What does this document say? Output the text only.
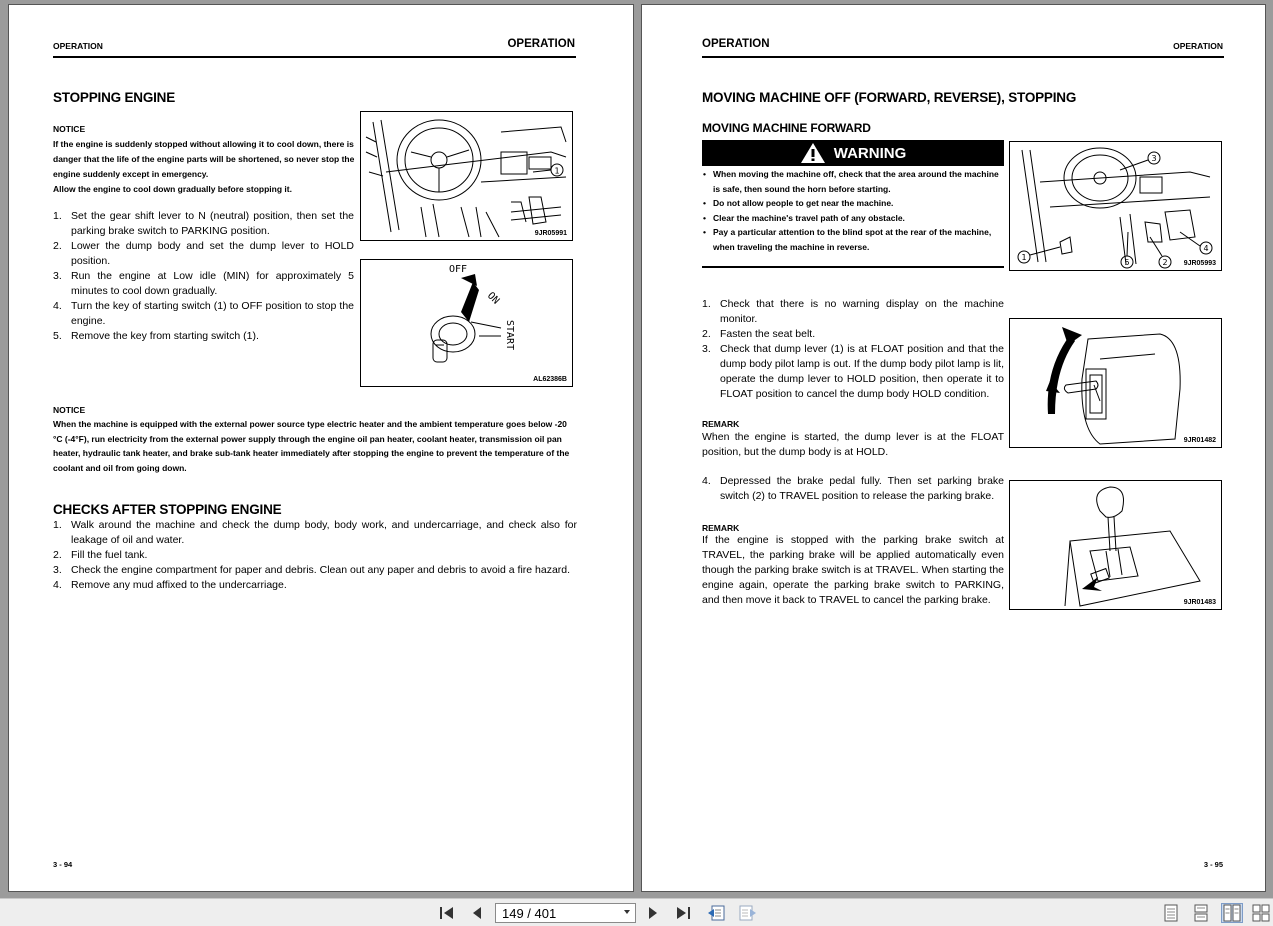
OPERATION	OPERATION
STOPPING ENGINE
NOTICE
If the engine is suddenly stopped without allowing it to cool down, there is
danger that the life of the engine parts will be shortened, so never stop the
engine suddenly except in emergency.
Allow the engine to cool down gradually before stopping it.
1. Set the gear shift lever to N (neutral) position, then set the parking brake switch to PARKING position.
2. Lower the dump body and set the dump lever to HOLD position.
3. Run the engine at Low idle (MIN) for approximately 5 minutes to cool down gradually.
4. Turn the key of starting switch (1) to OFF position to stop the engine.
5. Remove the key from starting switch (1).
1
9JR05991
OFF
ON
START
AL62386B
NOTICE
When the machine is equipped with the external power source type electric heater and the ambient temperature goes below -20
°C (-4°F), run electricity from the external power supply through the engine oil pan heater, coolant heater, transmission oil pan
heater, hydraulic tank heater, and brake sub-tank heater immediately after stopping the engine to prevent the temperature of the
coolant and oil from going down.
CHECKS AFTER STOPPING ENGINE
1. Walk around the machine and check the dump body, body work, and undercarriage, and check also for leakage of oil and water.
2. Fill the fuel tank.
3. Check the engine compartment for paper and debris. Clean out any paper and debris to avoid a fire hazard.
4. Remove any mud affixed to the undercarriage.
3 - 94
OPERATION	OPERATION
MOVING MACHINE OFF (FORWARD, REVERSE), STOPPING
MOVING MACHINE FORWARD
WARNING
• When moving the machine off, check that the area around the machine is safe, then sound the horn before starting.
• Do not allow people to get near the machine.
• Clear the machine's travel path of any obstacle.
• Pay a particular attention to the blind spot at the rear of the machine, when traveling the machine in reverse.
1
2
3
4
5	9JR05993
1. Check that there is no warning display on the machine monitor.
2. Fasten the seat belt.
3. Check that dump lever (1) is at FLOAT position and that the dump body pilot lamp is out. If the dump body pilot lamp is lit, operate the dump lever to HOLD position, then operate it to FLOAT position to cancel the dump body HOLD condition.
9JR01482
REMARK
When the engine is started, the dump lever is at the FLOAT position, but the dump body is at HOLD.
4. Depressed the brake pedal fully. Then set parking brake switch (2) to TRAVEL position to release the parking brake.
9JR01483
REMARK
If the engine is stopped with the parking brake switch at TRAVEL, the parking brake will be applied automatically even though the parking brake switch is at TRAVEL. When starting the engine again, operate the parking brake switch to PARKING, and then move it back to TRAVEL to cancel the parking brake.
3 - 95
149 / 401
